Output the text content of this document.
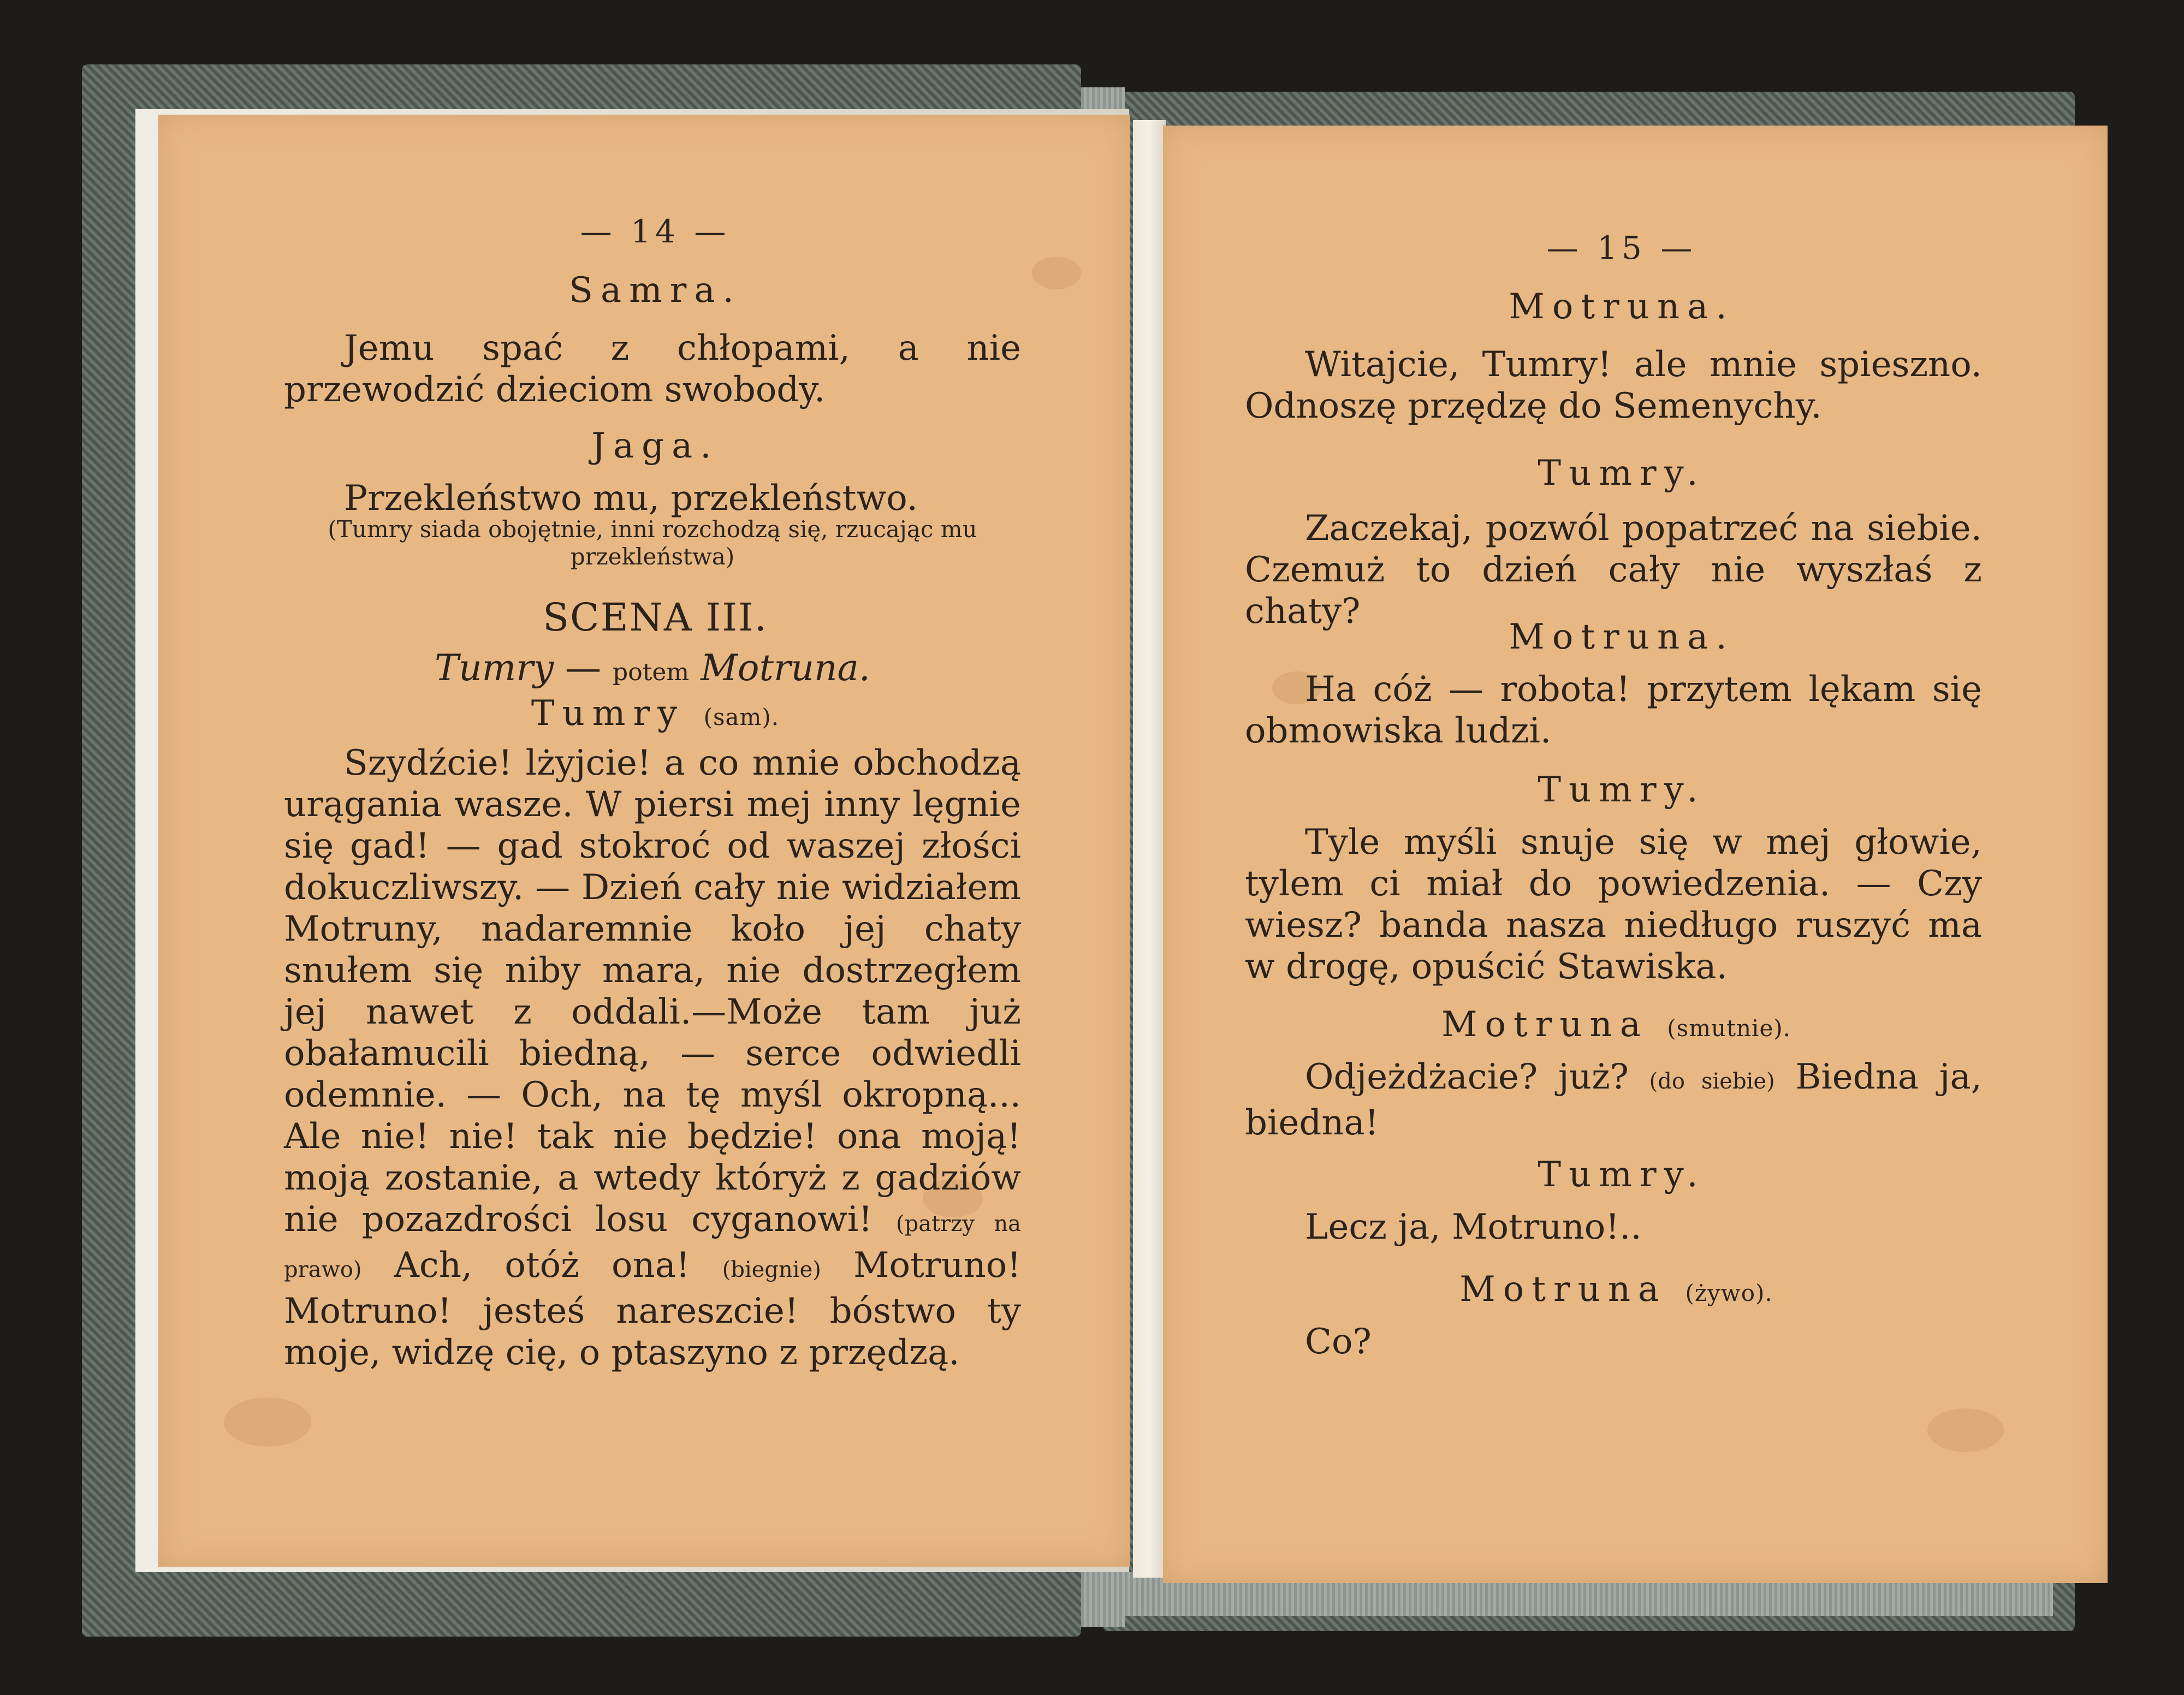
— 14 —
Samra.
Jemu spać z chłopami, a nie przewodzić dzieciom swobody.
Jaga.
Przekleństwo mu, przekleństwo.
(Tumry siada obojętnie, inni rozchodzą się, rzucając mu przekleństwa)
SCENA III.
Tumry — potem Motruna.
Tumry (sam).
Szydźcie! lżyjcie! a co mnie obchodzą urągania wasze. W piersi mej inny lęgnie się gad! — gad stokroć od waszej złości dokuczliwszy. — Dzień cały nie widziałem Motruny, nadaremnie koło jej chaty snułem się niby mara, nie dostrzegłem jej nawet z oddali.—Może tam już obałamucili biedną, — serce odwiedli odemnie. — Och, na tę myśl okropną... Ale nie! nie! tak nie będzie! ona moją! moją zostanie, a wtedy któryż z gadziów nie pozazdrości losu cyganowi! (patrzy na prawo) Ach, otóż ona! (biegnie) Motruno! Motruno! jesteś nareszcie! bóstwo ty moje, widzę cię, o ptaszyno z przędzą.
— 15 —
Motruna.
Witajcie, Tumry! ale mnie spieszno. Odnoszę przędzę do Semenychy.
Tumry.
Zaczekaj, pozwól popatrzeć na siebie. Czemuż to dzień cały nie wyszłaś z chaty?
Motruna.
Ha cóż — robota! przytem lękam się obmowiska ludzi.
Tumry.
Tyle myśli snuje się w mej głowie, tylem ci miał do powiedzenia. — Czy wiesz? banda nasza niedługo ruszyć ma w drogę, opuścić Stawiska.
Motruna (smutnie).
Odjeżdżacie? już? (do siebie) Biedna ja, biedna!
Tumry.
Lecz ja, Motruno!..
Motruna (żywo).
Co?
